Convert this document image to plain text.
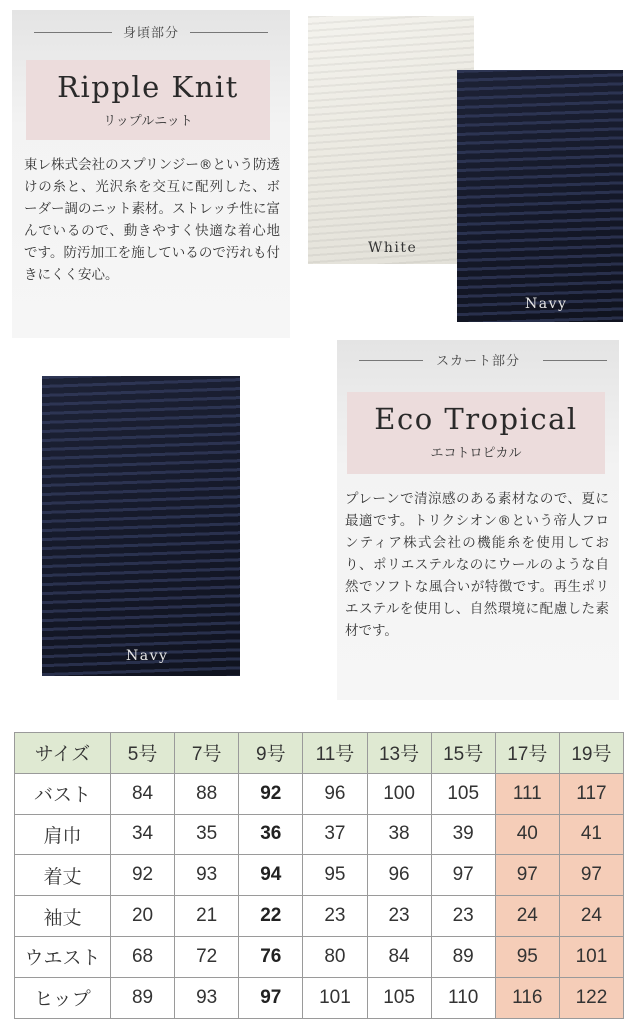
身頃部分
Ripple Knit
リップルニット

東レ株式会社のスプリンジー®という防透けの糸と、光沢糸を交互に配列した、ボーダー調のニット素材。ストレッチ性に富んでいるので、動きやすく快適な着心地です。防汚加工を施しているので汚れも付きにくく安心。

White
Navy
Navy
スカート部分
Eco Tropical
エコトロピカル

プレーンで清涼感のある素材なので、夏に最適です。トリクシオン®という帝人フロンティア株式会社の機能糸を使用しており、ポリエステルなのにウールのような自然でソフトな風合いが特徴です。再生ポリエステルを使用し、自然環境に配慮した素材です。

サイズ	5号	7号	9号	11号	13号	15号	17号	19号
バスト	84	88	92	96	100	105	111	117
肩巾	34	35	36	37	38	39	40	41
着丈	92	93	94	95	96	97	97	97
袖丈	20	21	22	23	23	23	24	24
ウエスト	68	72	76	80	84	89	95	101
ヒップ	89	93	97	101	105	110	116	122
